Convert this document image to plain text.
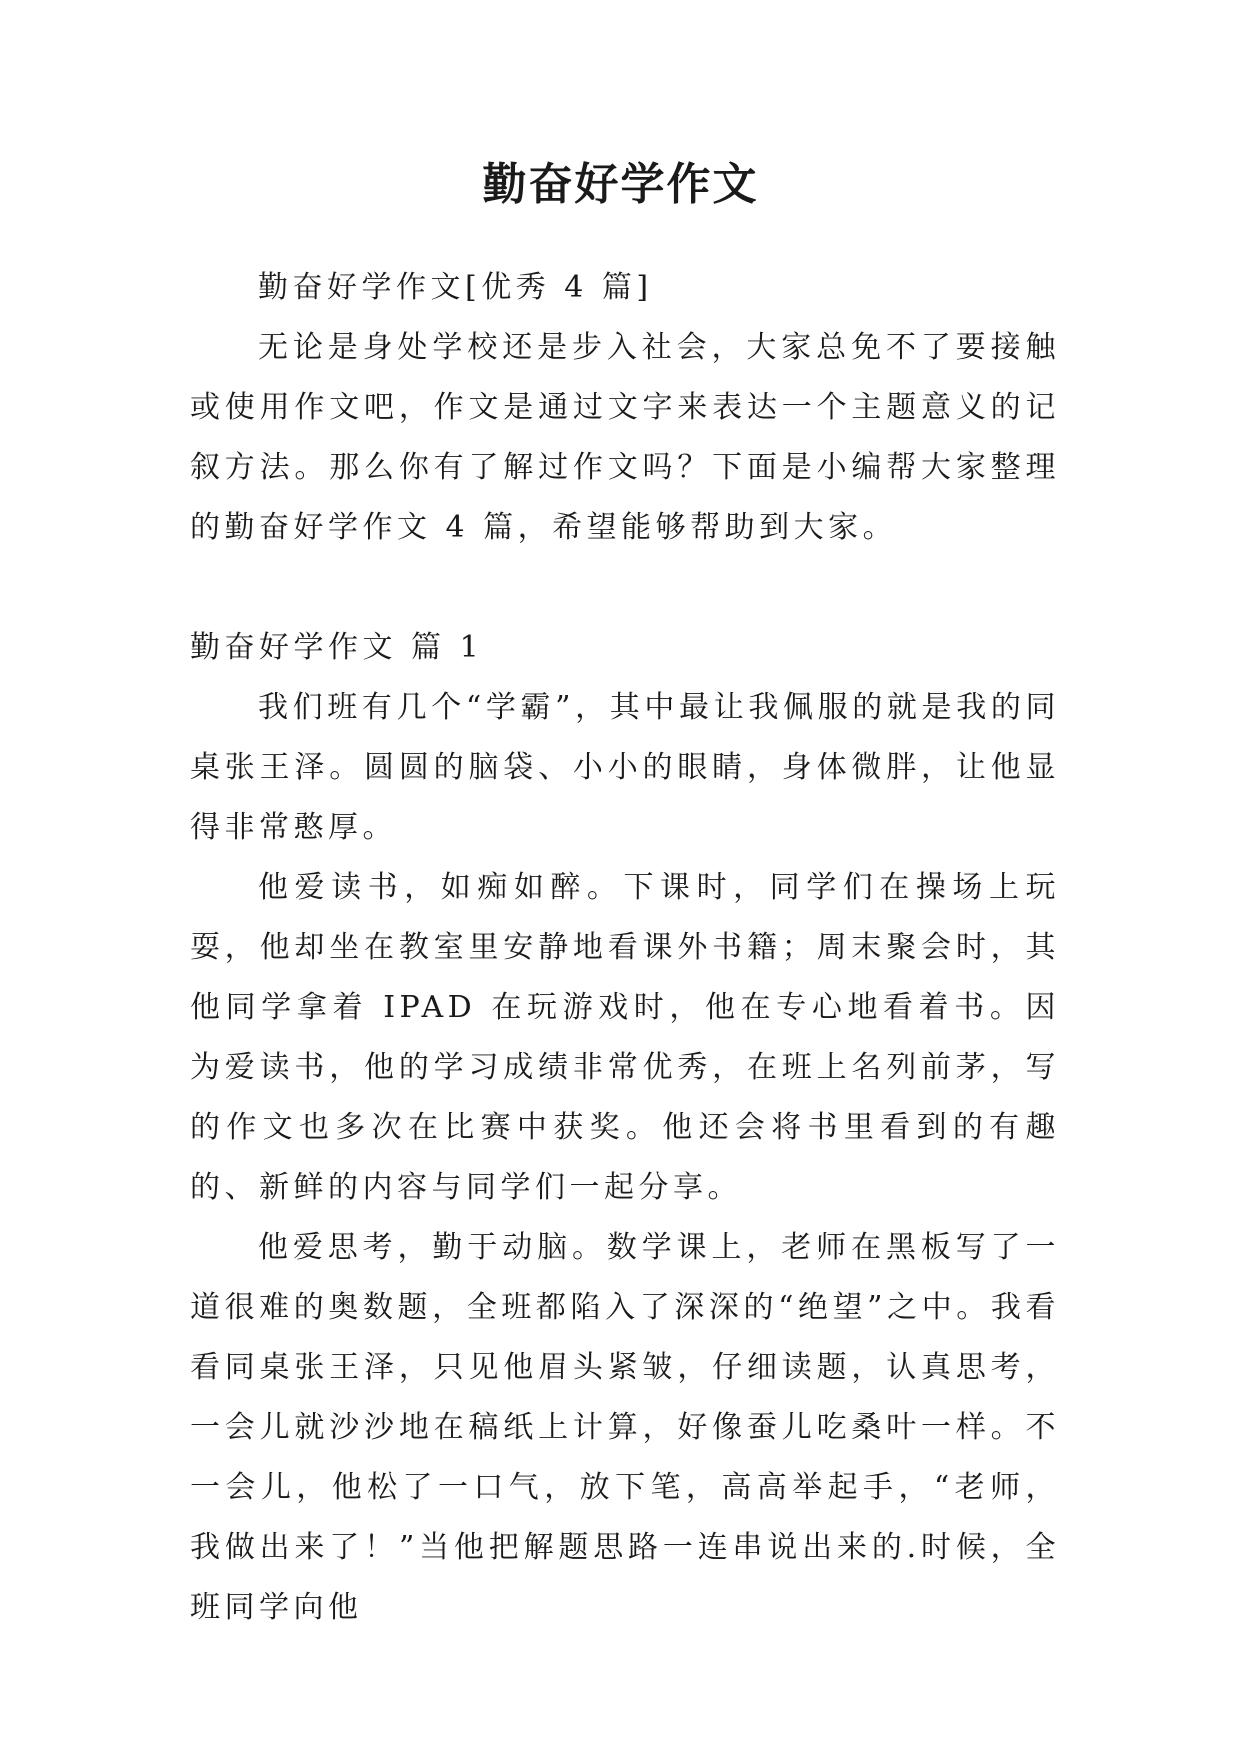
勤奋好学作文

勤奋好学作文[优秀 4 篇]

无论是身处学校还是步入社会，大家总免不了要接触或使用作文吧，作文是通过文字来表达一个主题意义的记叙方法。那么你有了解过作文吗？下面是小编帮大家整理的勤奋好学作文 4 篇，希望能够帮助到大家。

勤奋好学作文 篇 1

我们班有几个“学霸”，其中最让我佩服的就是我的同桌张王泽。圆圆的脑袋、小小的眼睛，身体微胖，让他显得非常憨厚。

他爱读书，如痴如醉。下课时，同学们在操场上玩耍，他却坐在教室里安静地看课外书籍；周末聚会时，其他同学拿着 IPAD 在玩游戏时，他在专心地看着书。因为爱读书，他的学习成绩非常优秀，在班上名列前茅，写的作文也多次在比赛中获奖。他还会将书里看到的有趣的、新鲜的内容与同学们一起分享。

他爱思考，勤于动脑。数学课上，老师在黑板写了一道很难的奥数题，全班都陷入了深深的“绝望”之中。我看看同桌张王泽，只见他眉头紧皱，仔细读题，认真思考，一会儿就沙沙地在稿纸上计算，好像蚕儿吃桑叶一样。不一会儿，他松了一口气，放下笔，高高举起手，“老师，我做出来了！”当他把解题思路一连串说出来的.时候，全班同学向他
